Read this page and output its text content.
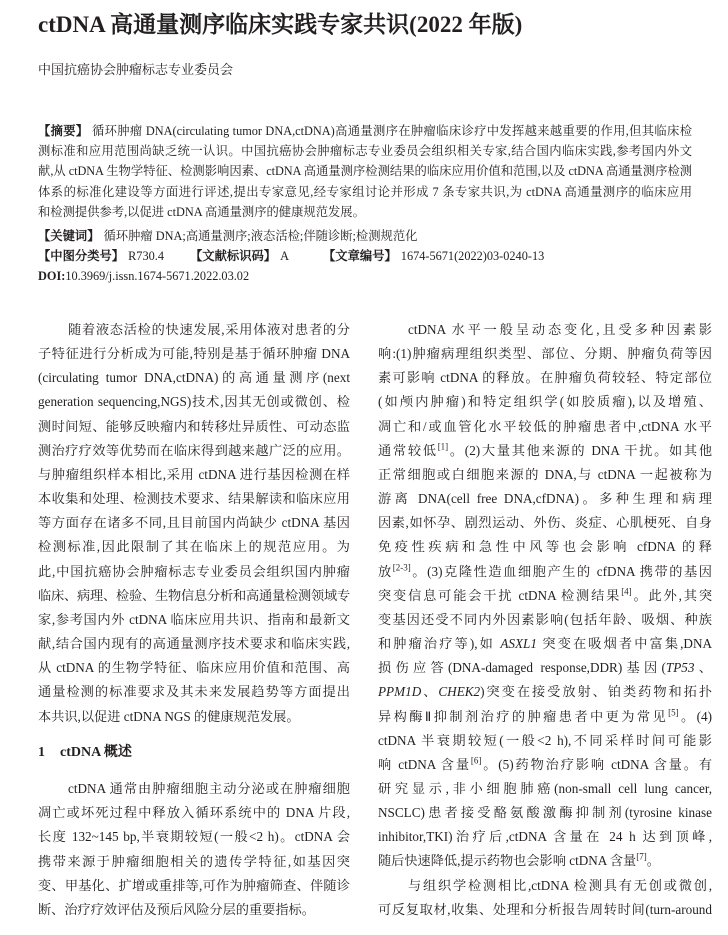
ctDNA 高通量测序临床实践专家共识(2022 年版)
中国抗癌协会肿瘤标志专业委员会
【摘要】 循环肿瘤 DNA(circulating tumor DNA,ctDNA)高通量测序在肿瘤临床诊疗中发挥越来越重要的作用,但其临床检
测标准和应用范围尚缺乏统一认识。中国抗癌协会肿瘤标志专业委员会组织相关专家,结合国内临床实践,参考国内外文
献,从 ctDNA 生物学特征、检测影响因素、ctDNA 高通量测序检测结果的临床应用价值和范围,以及 ctDNA 高通量测序检测
体系的标准化建设等方面进行评述,提出专家意见,经专家组讨论并形成 7 条专家共识,为 ctDNA 高通量测序的临床应用
和检测提供参考,以促进 ctDNA 高通量测序的健康规范发展。
【关键词】 循环肿瘤 DNA;高通量测序;液态活检;伴随诊断;检测规范化
【中图分类号】 R730.4 【文献标识码】 A	【文章编号】 1674-5671(2022)03-0240-13
DOI:10.3969/j.issn.1674-5671.2022.03.02
随着液态活检的快速发展,采用体液对患者的分
子特征进行分析成为可能,特别是基于循环肿瘤 DNA
(circulating tumor DNA,ctDNA)的高通量测序(next
generation sequencing,NGS)技术,因其无创或微创、检
测时间短、能够反映瘤内和转移灶异质性、可动态监
测治疗疗效等优势而在临床得到越来越广泛的应用。
与肿瘤组织样本相比,采用 ctDNA 进行基因检测在样
本收集和处理、检测技术要求、结果解读和临床应用
等方面存在诸多不同,且目前国内尚缺少 ctDNA 基因
检测标准,因此限制了其在临床上的规范应用。为
此,中国抗癌协会肿瘤标志专业委员会组织国内肿瘤
临床、病理、检验、生物信息分析和高通量检测领域专
家,参考国内外 ctDNA 临床应用共识、指南和最新文
献,结合国内现有的高通量测序技术要求和临床实践,
从 ctDNA 的生物学特征、临床应用价值和范围、高
通量检测的标准要求及其未来发展趋势等方面提出
本共识,以促进 ctDNA NGS 的健康规范发展。
1 ctDNA 概述
ctDNA 通常由肿瘤细胞主动分泌或在肿瘤细胞
凋亡或坏死过程中释放入循环系统中的 DNA 片段,
长度 132~145 bp,半衰期较短(一般<2 h)。ctDNA 会
携带来源于肿瘤细胞相关的遗传学特征,如基因突
变、甲基化、扩增或重排等,可作为肿瘤筛查、伴随诊
断、治疗疗效评估及预后风险分层的重要指标。
ctDNA 水平一般呈动态变化,且受多种因素影
响:(1)肿瘤病理组织类型、部位、分期、肿瘤负荷等因
素可影响 ctDNA 的释放。在肿瘤负荷较轻、特定部位
(如颅内肿瘤)和特定组织学(如胶质瘤),以及增殖、
凋亡和/或血管化水平较低的肿瘤患者中,ctDNA 水平
通常较低[1]。(2)大量其他来源的 DNA 干扰。如其他
正常细胞或白细胞来源的 DNA,与 ctDNA 一起被称为
游离 DNA(cell free DNA,cfDNA)。多种生理和病理
因素,如怀孕、剧烈运动、外伤、炎症、心肌梗死、自身
免疫性疾病和急性中风等也会影响 cfDNA 的释
放[2-3]。(3)克隆性造血细胞产生的 cfDNA 携带的基因
突变信息可能会干扰 ctDNA 检测结果[4]。此外,其突
变基因还受不同内外因素影响(包括年龄、吸烟、种族
和肿瘤治疗等),如 ASXL1 突变在吸烟者中富集,DNA
损伤应答(DNA-damaged response,DDR)基因(TP53、
PPM1D、CHEK2)突变在接受放射、铂类药物和拓扑
异构酶Ⅱ抑制剂治疗的肿瘤患者中更为常见[5]。(4)
ctDNA 半衰期较短(一般<2 h),不同采样时间可能影
响 ctDNA 含量[6]。(5)药物治疗影响 ctDNA 含量。有
研究显示,非小细胞肺癌(non-small cell lung cancer,
NSCLC)患者接受酪氨酸激酶抑制剂(tyrosine kinase
inhibitor,TKI)治疗后,ctDNA 含量在 24 h 达到顶峰,
随后快速降低,提示药物也会影响 ctDNA 含量[7]。
与组织学检测相比,ctDNA 检测具有无创或微创,
可反复取材,收集、处理和分析报告周转时间(turn-around
